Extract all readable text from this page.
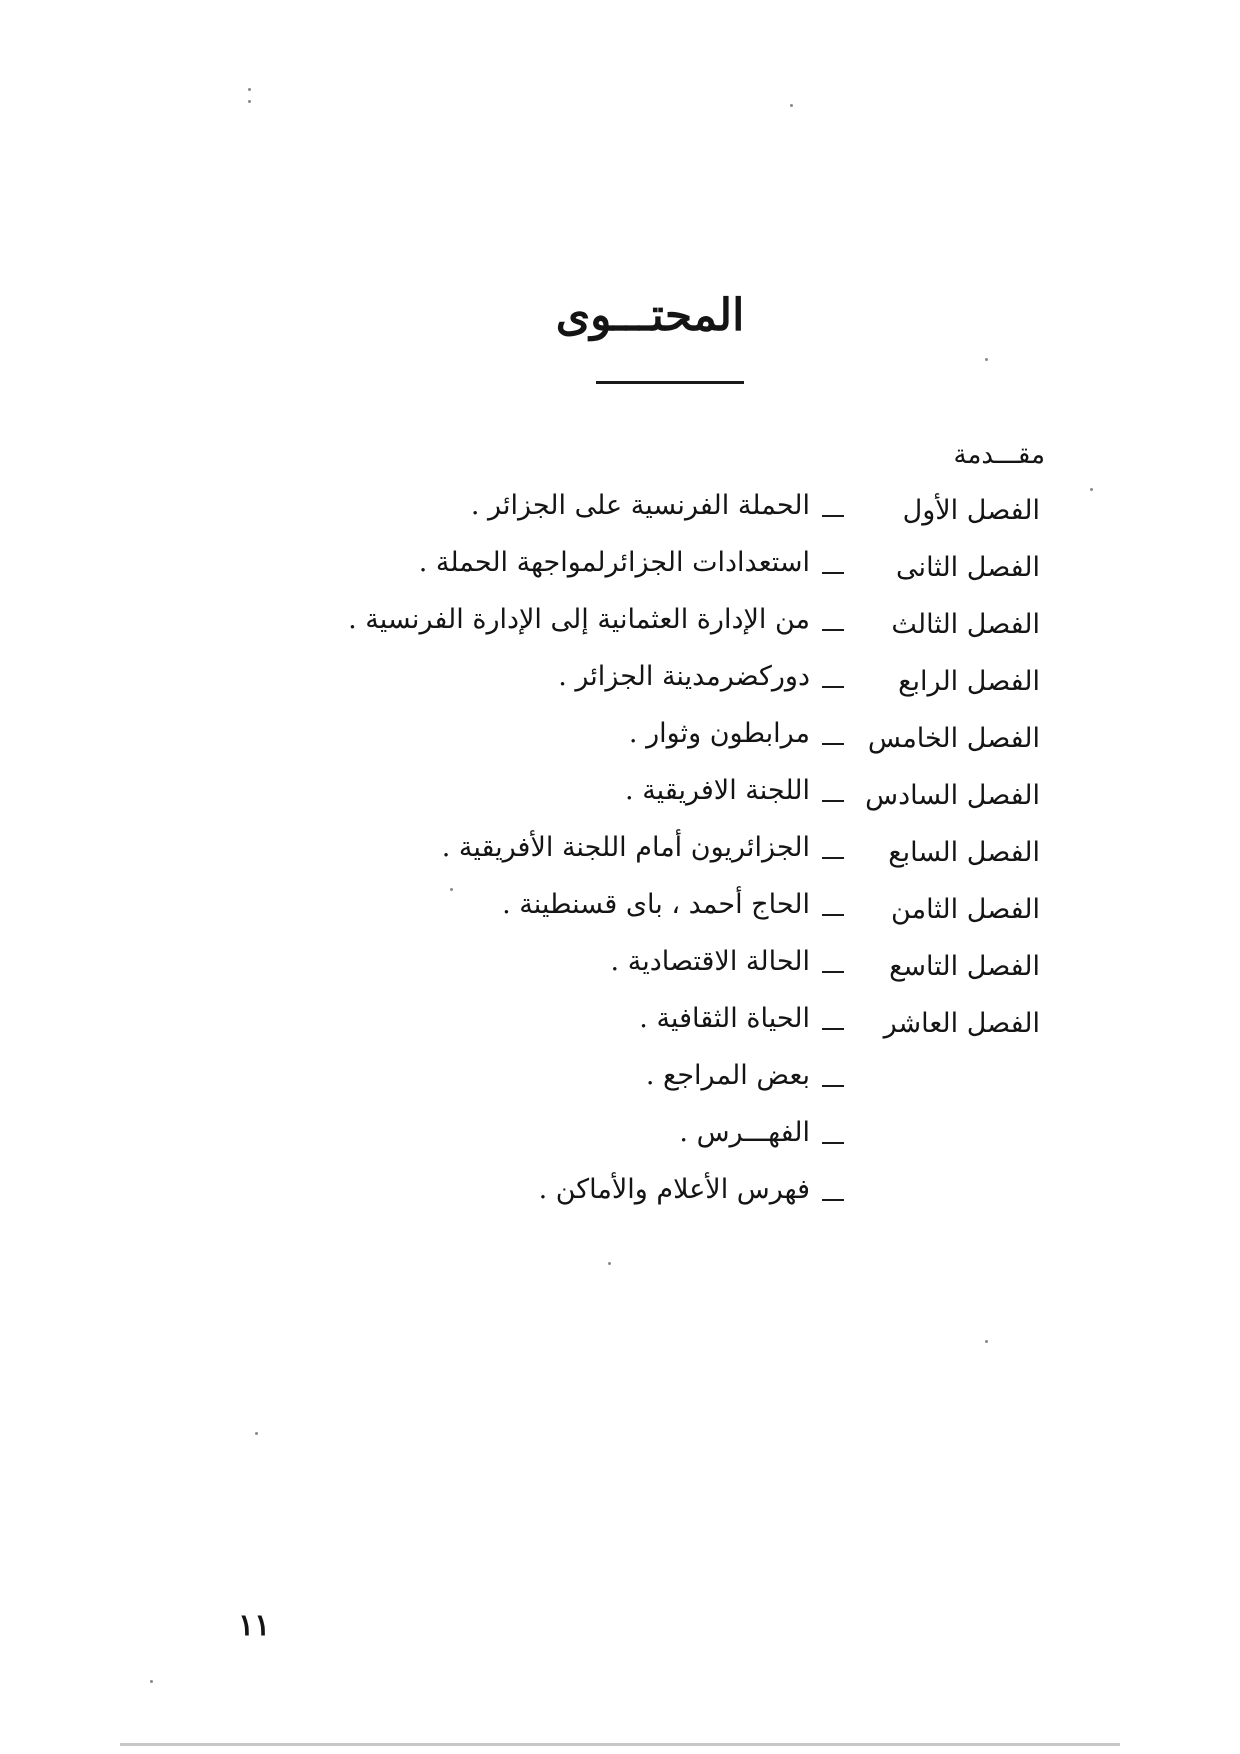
المحتـــوى
مقـــدمة
الفصل الأول
الحملة الفرنسية على الجزائر .
الفصل الثانى
استعدادات الجزائرلمواجهة الحملة .
الفصل الثالث
من الإدارة العثمانية إلى الإدارة الفرنسية .
الفصل الرابع
دوركضرمدينة الجزائر .
الفصل الخامس
مرابطون وثوار .
الفصل السادس
اللجنة الافريقية .
الفصل السابع
الجزائريون أمام اللجنة الأفريقية .
الفصل الثامن
الحاج أحمد ، باى قسنطينة .
الفصل التاسع
الحالة الاقتصادية .
الفصل العاشر
الحياة الثقافية .
بعض المراجع .
الفهـــرس .
فهرس الأعلام والأماكن .
١١
